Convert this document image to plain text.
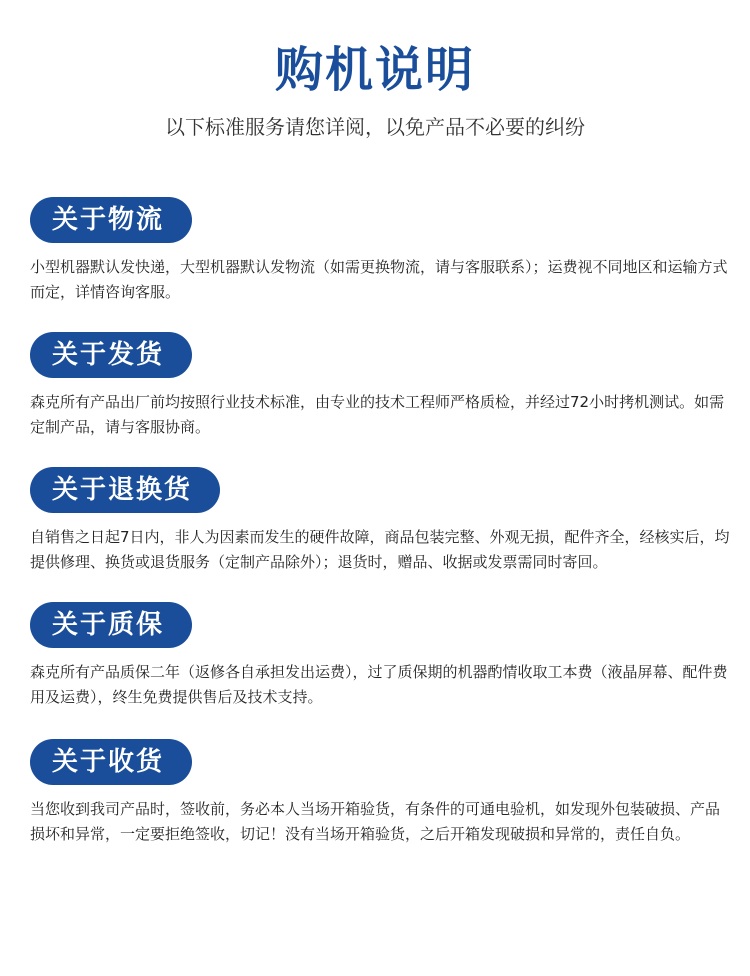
购机说明

以下标准服务请您详阅，以免产品不必要的纠纷

关于物流

小型机器默认发快递，大型机器默认发物流（如需更换物流，请与客服联系）；运费视不同地区和运输方式而定，详情咨询客服。

关于发货

森克所有产品出厂前均按照行业技术标准，由专业的技术工程师严格质检，并经过72小时拷机测试。如需定制产品，请与客服协商。

关于退换货

自销售之日起7日内，非人为因素而发生的硬件故障，商品包装完整、外观无损，配件齐全，经核实后，均提供修理、换货或退货服务（定制产品除外）；退货时，赠品、收据或发票需同时寄回。

关于质保

森克所有产品质保二年（返修各自承担发出运费），过了质保期的机器酌情收取工本费（液晶屏幕、配件费用及运费），终生免费提供售后及技术支持。

关于收货

当您收到我司产品时，签收前，务必本人当场开箱验货，有条件的可通电验机，如发现外包装破损、产品损坏和异常，一定要拒绝签收，切记！没有当场开箱验货，之后开箱发现破损和异常的，责任自负。
